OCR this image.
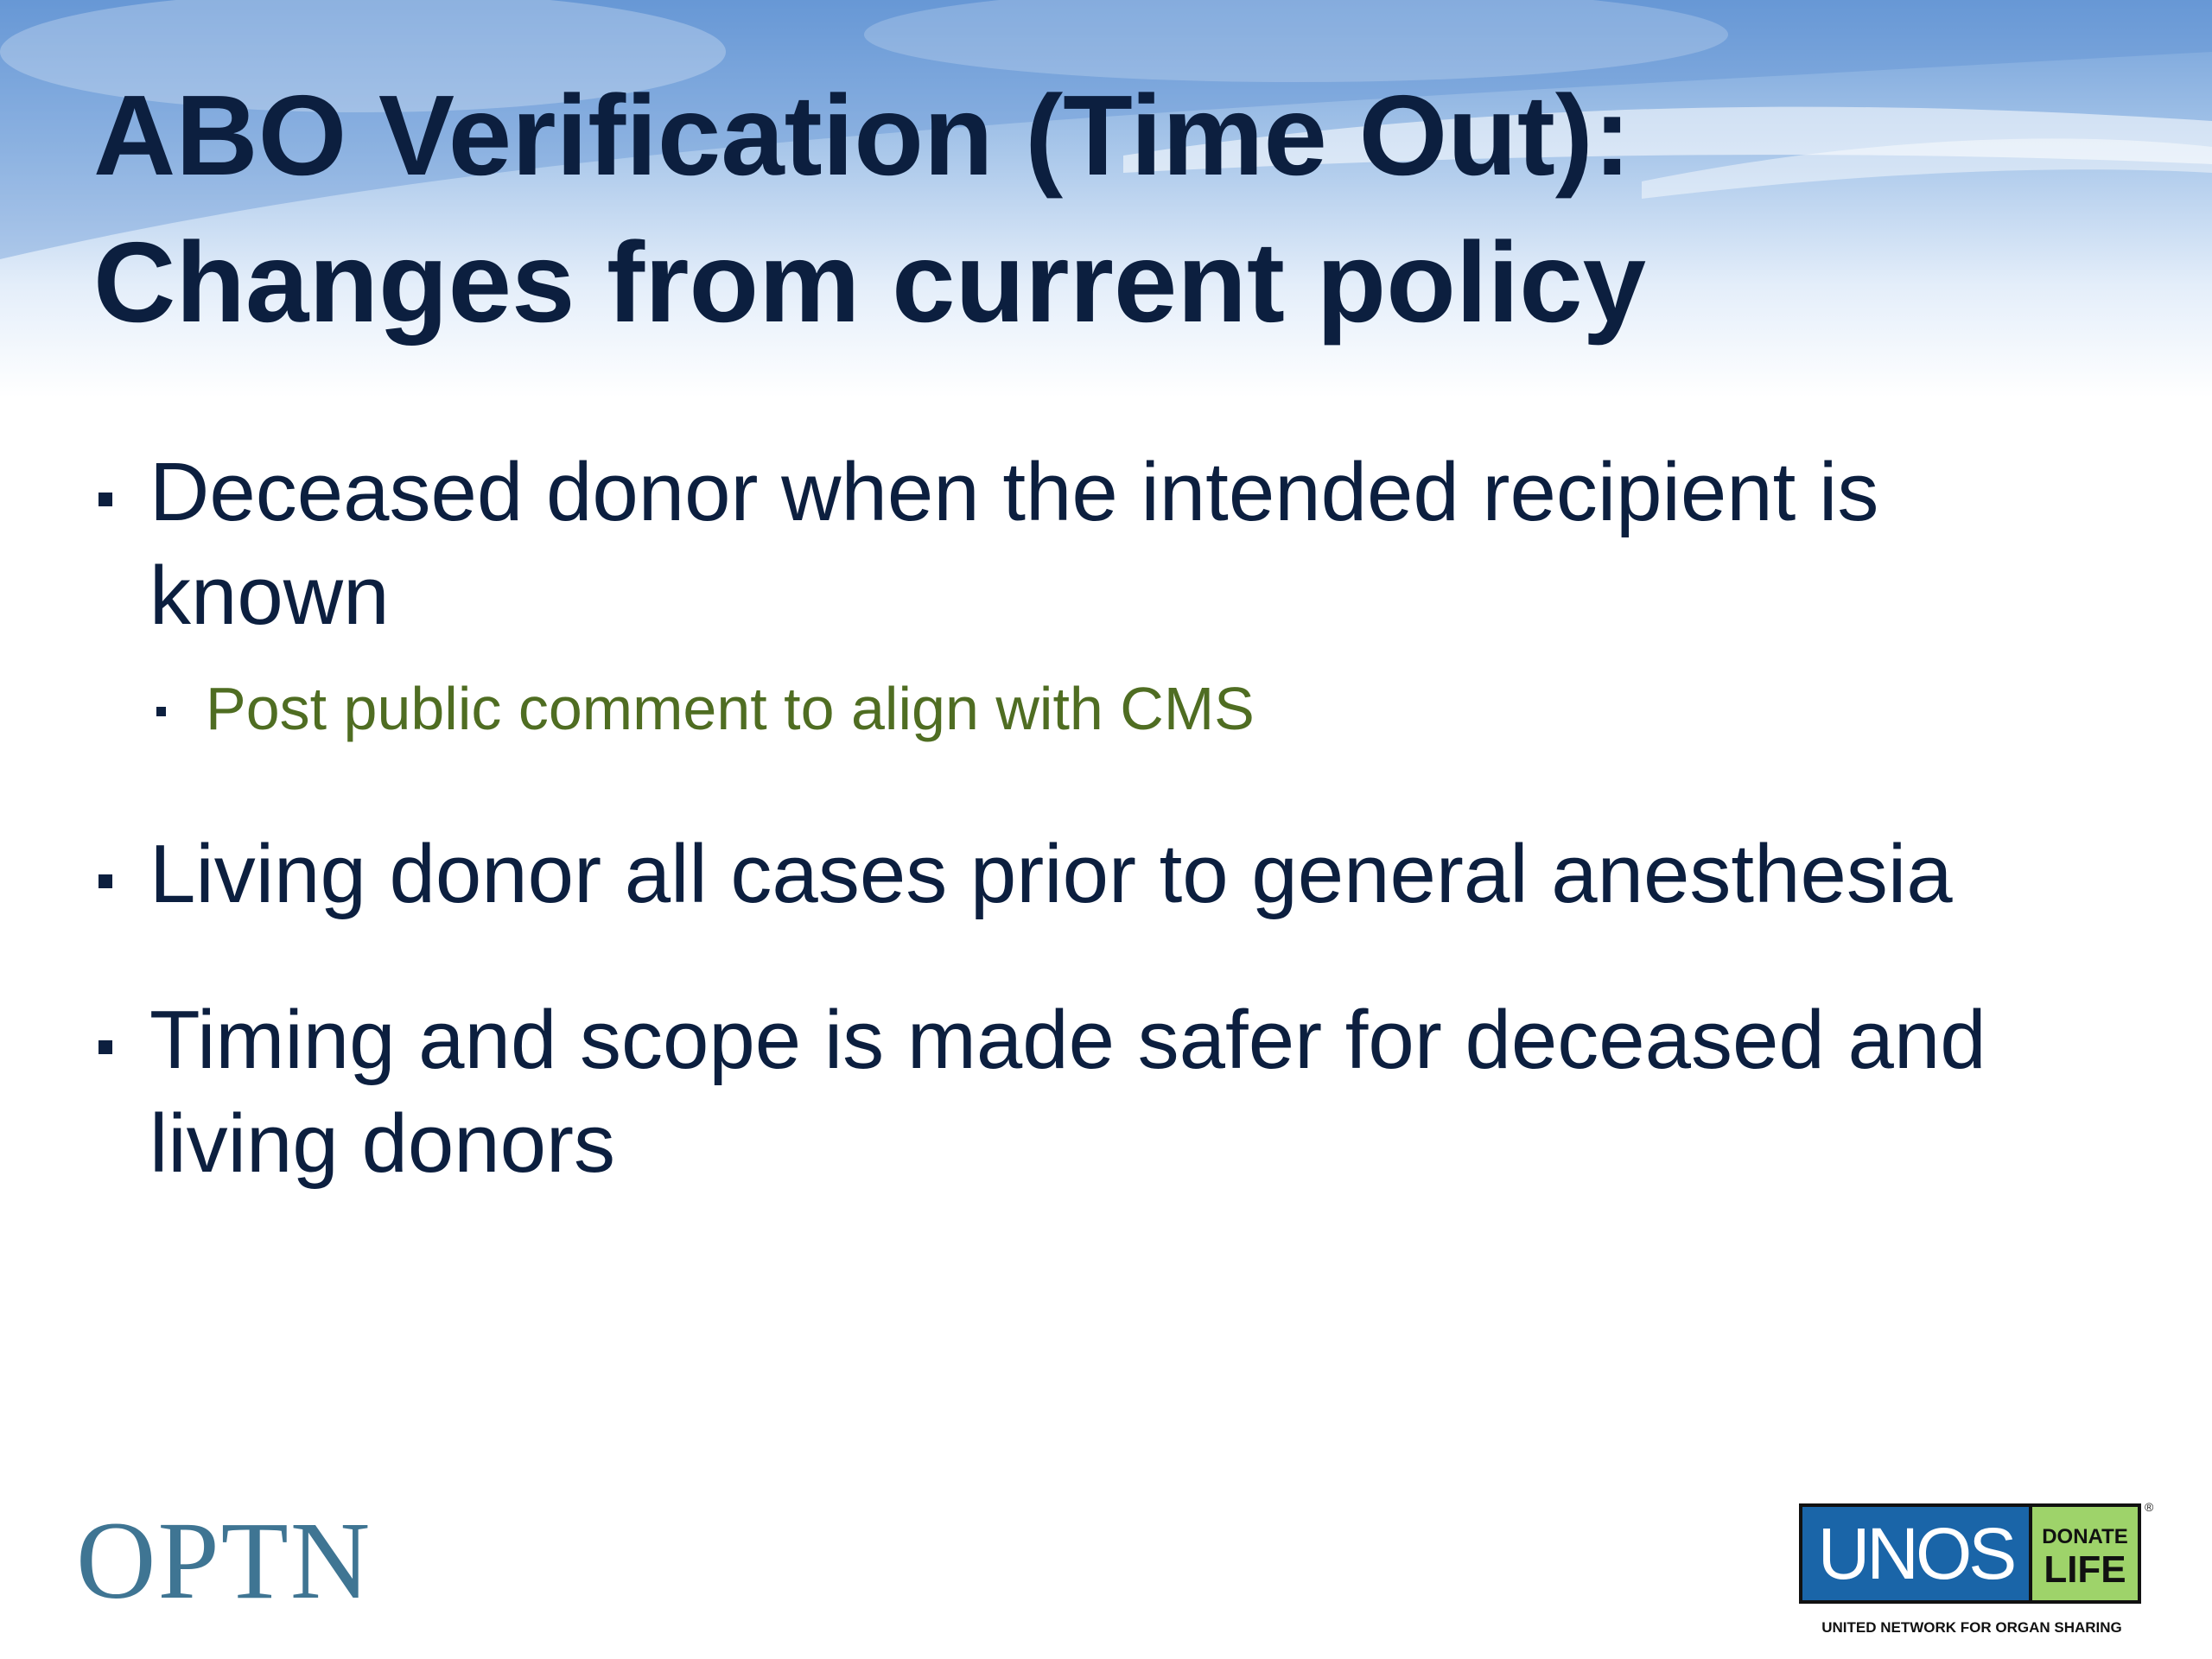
ABO Verification (Time Out):
Changes from current policy
Deceased donor when the intended recipient is known
Post public comment to align with CMS
Living donor all cases prior to general anesthesia
Timing and scope is made safer for deceased and living donors
OPTN	UNOS	DONATE
LIFE
®
UNITED NETWORK FOR ORGAN SHARING
